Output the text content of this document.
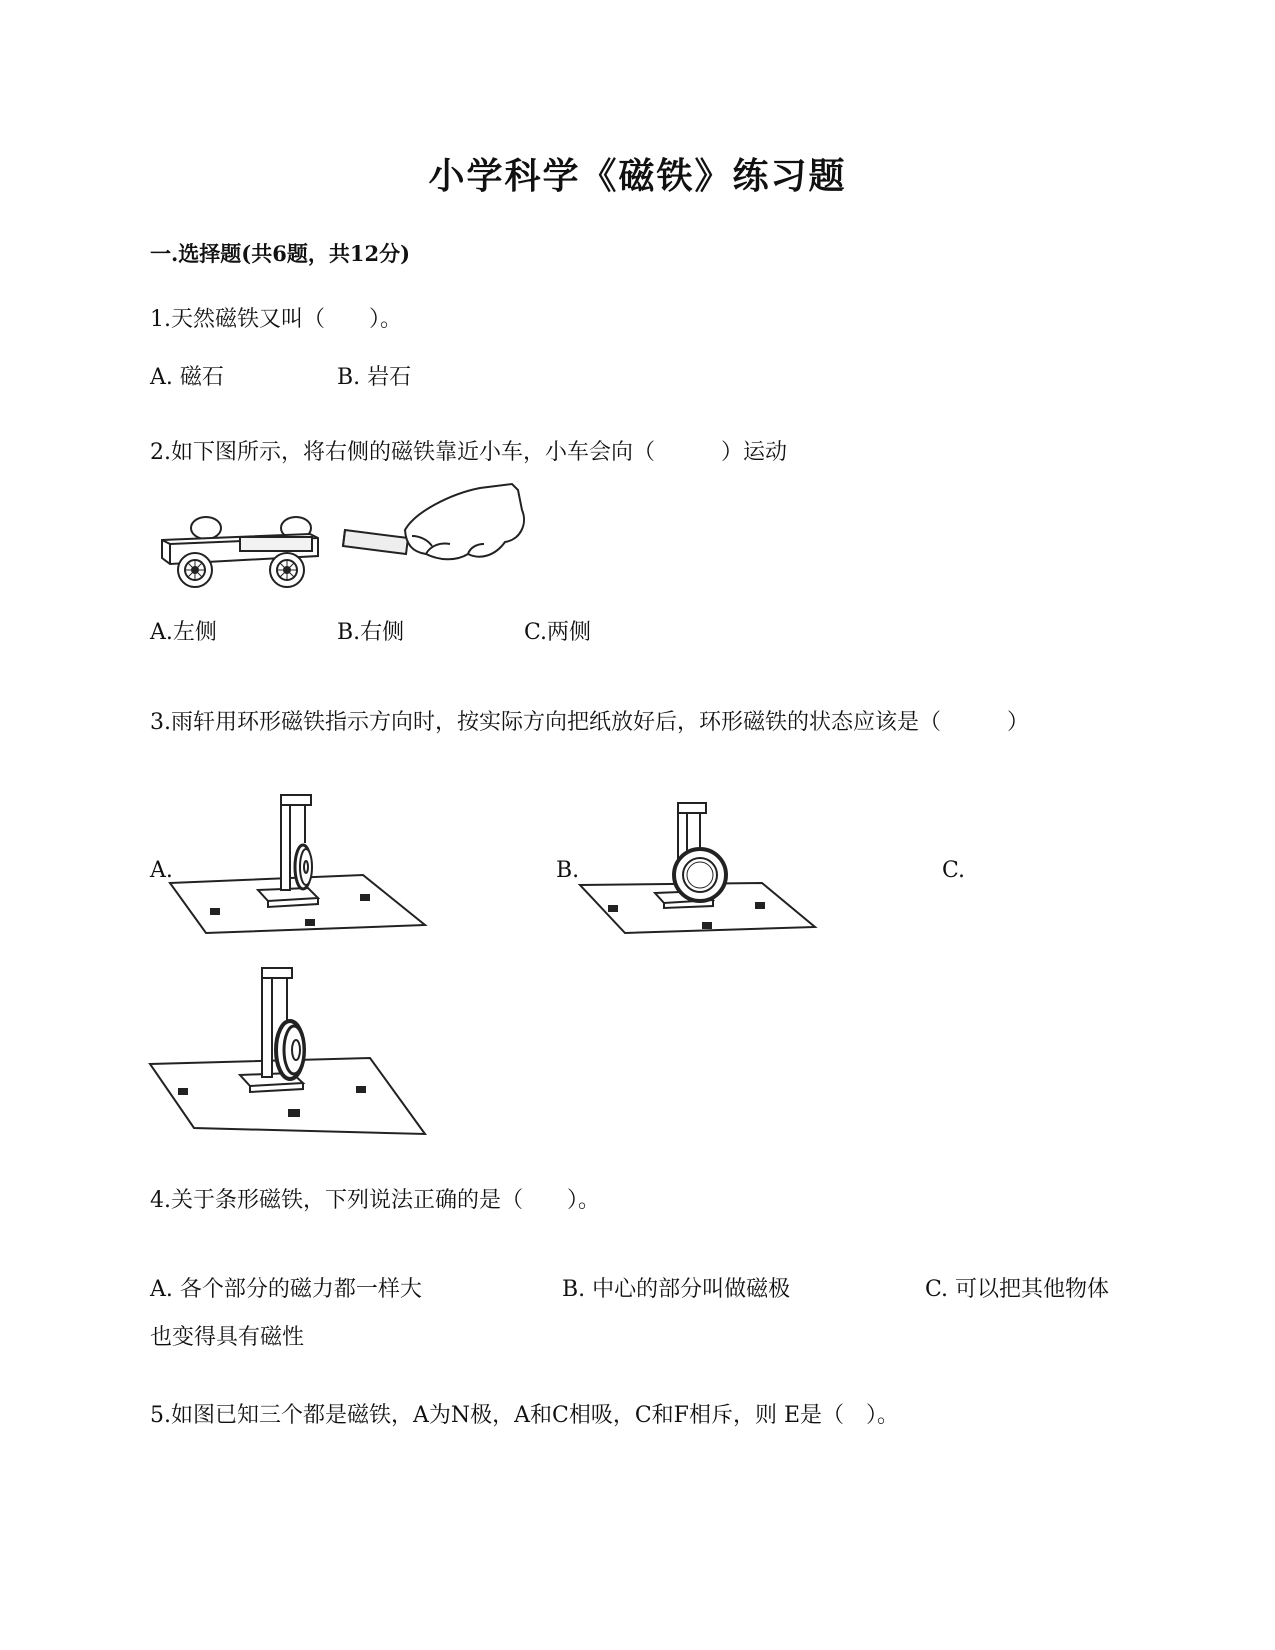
小学科学《磁铁》练习题
一.选择题(共6题，共12分)
1.天然磁铁又叫（　　）。
A. 磁石	B. 岩石
2.如下图所示，将右侧的磁铁靠近小车，小车会向（　　　）运动
A.左侧	B.右侧	C.两侧
3.雨轩用环形磁铁指示方向时，按实际方向把纸放好后，环形磁铁的状态应该是（　　　）
A.	B.	C.
4.关于条形磁铁，下列说法正确的是（　　）。
A. 各个部分的磁力都一样大	B. 中心的部分叫做磁极	C. 可以把其他物体
也变得具有磁性
5.如图已知三个都是磁铁，A为N极，A和C相吸，C和F相斥，则 E是（　）。
